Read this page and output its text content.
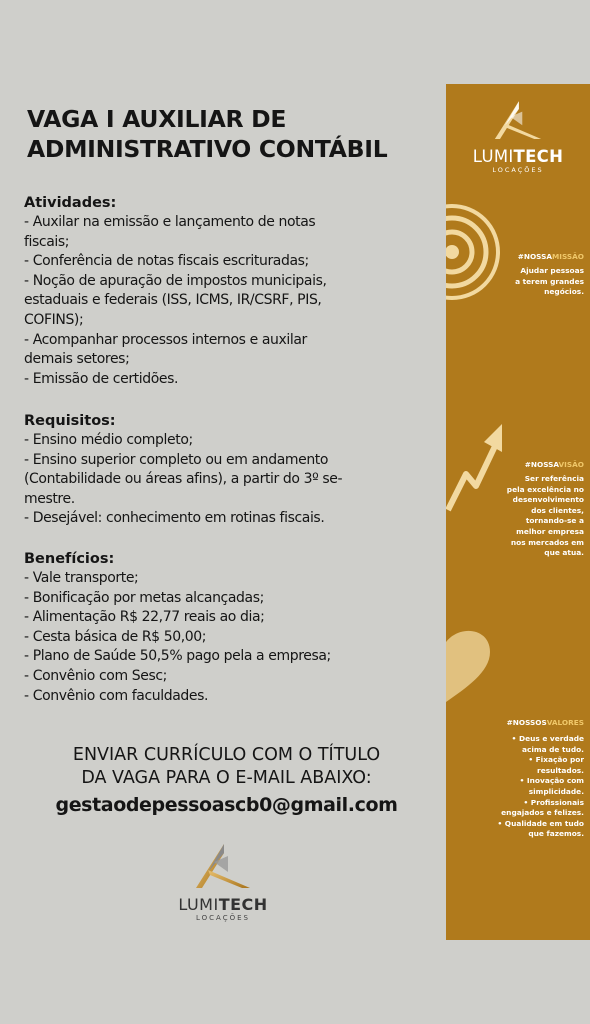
VAGA I AUXILIAR DE
ADMINISTRATIVO CONTÁBIL
Atividades:
- Auxilar na emissão e lançamento de notas
fiscais;
- Conferência de notas fiscais escrituradas;
- Noção de apuração de impostos municipais,
estaduais e federais (ISS, ICMS, IR/CSRF, PIS,
COFINS);
- Acompanhar processos internos e auxilar
demais setores;
- Emissão de certidões.
Requisitos:
- Ensino médio completo;
- Ensino superior completo ou em andamento
(Contabilidade ou áreas afins), a partir do 3º se-
mestre.
- Desejável: conhecimento em rotinas fiscais.
Benefícios:
- Vale transporte;
- Bonificação por metas alcançadas;
- Alimentação R$ 22,77 reais ao dia;
- Cesta básica de R$ 50,00;
- Plano de Saúde 50,5% pago pela a empresa;
- Convênio com Sesc;
- Convênio com faculdades.
ENVIAR CURRÍCULO COM O TÍTULO
DA VAGA PARA O E-MAIL ABAIXO:
gestaodepessoascb0@gmail.com
LUMITECH
LOCAÇÕES
LUMITECH
LOCAÇÕES
#NOSSAMISSÃO
Ajudar pessoas
a terem grandes
negócios.
#NOSSAVISÃO
Ser referência
pela excelência no
desenvolvimento
dos clientes,
tornando-se a
melhor empresa
nos mercados em
que atua.
#NOSSOSVALORES
• Deus e verdade
acima de tudo.
• Fixação por
resultados.
• Inovação com
simplicidade.
• Profissionais
engajados e felizes.
• Qualidade em tudo
que fazemos.
